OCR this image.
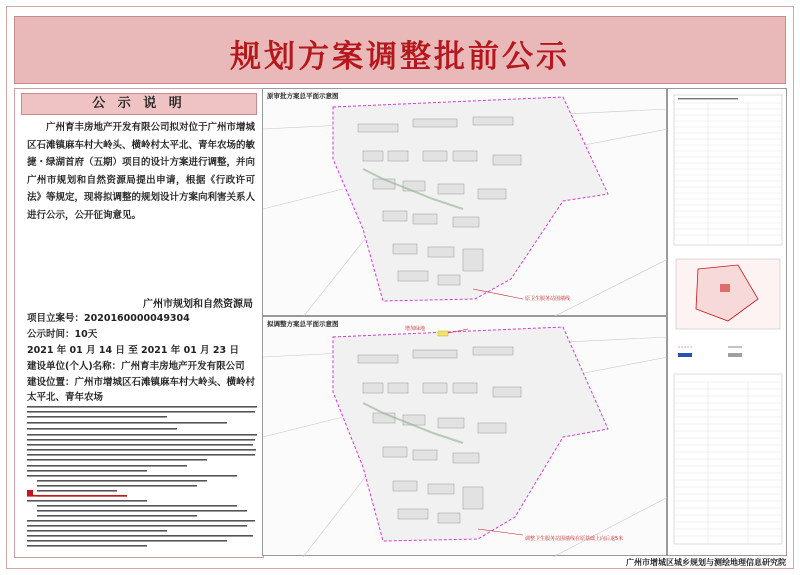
规划方案调整批前公示
公 示 说 明
广州育丰房地产开发有限公司拟对位于广州市增城区石滩镇麻车村大岭头、横岭村太平北、青年农场的敏捷・绿湖首府（五期）项目的设计方案进行调整，并向广州市规划和自然资源局提出申请，根据《行政许可法》等规定，现将拟调整的规划设计方案向利害关系人进行公示，公开征询意见。
广州市规划和自然资源局
项目立案号：2020160000049304
公示时间：10天
2021 年 01 月 14 日 至 2021 年 01 月 23 日
建设单位(个人)名称：广州育丰房地产开发有限公司
建设位置：广州市增城区石滩镇麻车村大岭头、横岭村太平北、青年农场
原审批方案总平面示意图
原卫生服务站围墙线
拟调整方案总平面示意图
增加绿地
调整卫生服务站围墙线在原基础上向后退5米
广州市增城区城乡规划与测绘地理信息研究院
